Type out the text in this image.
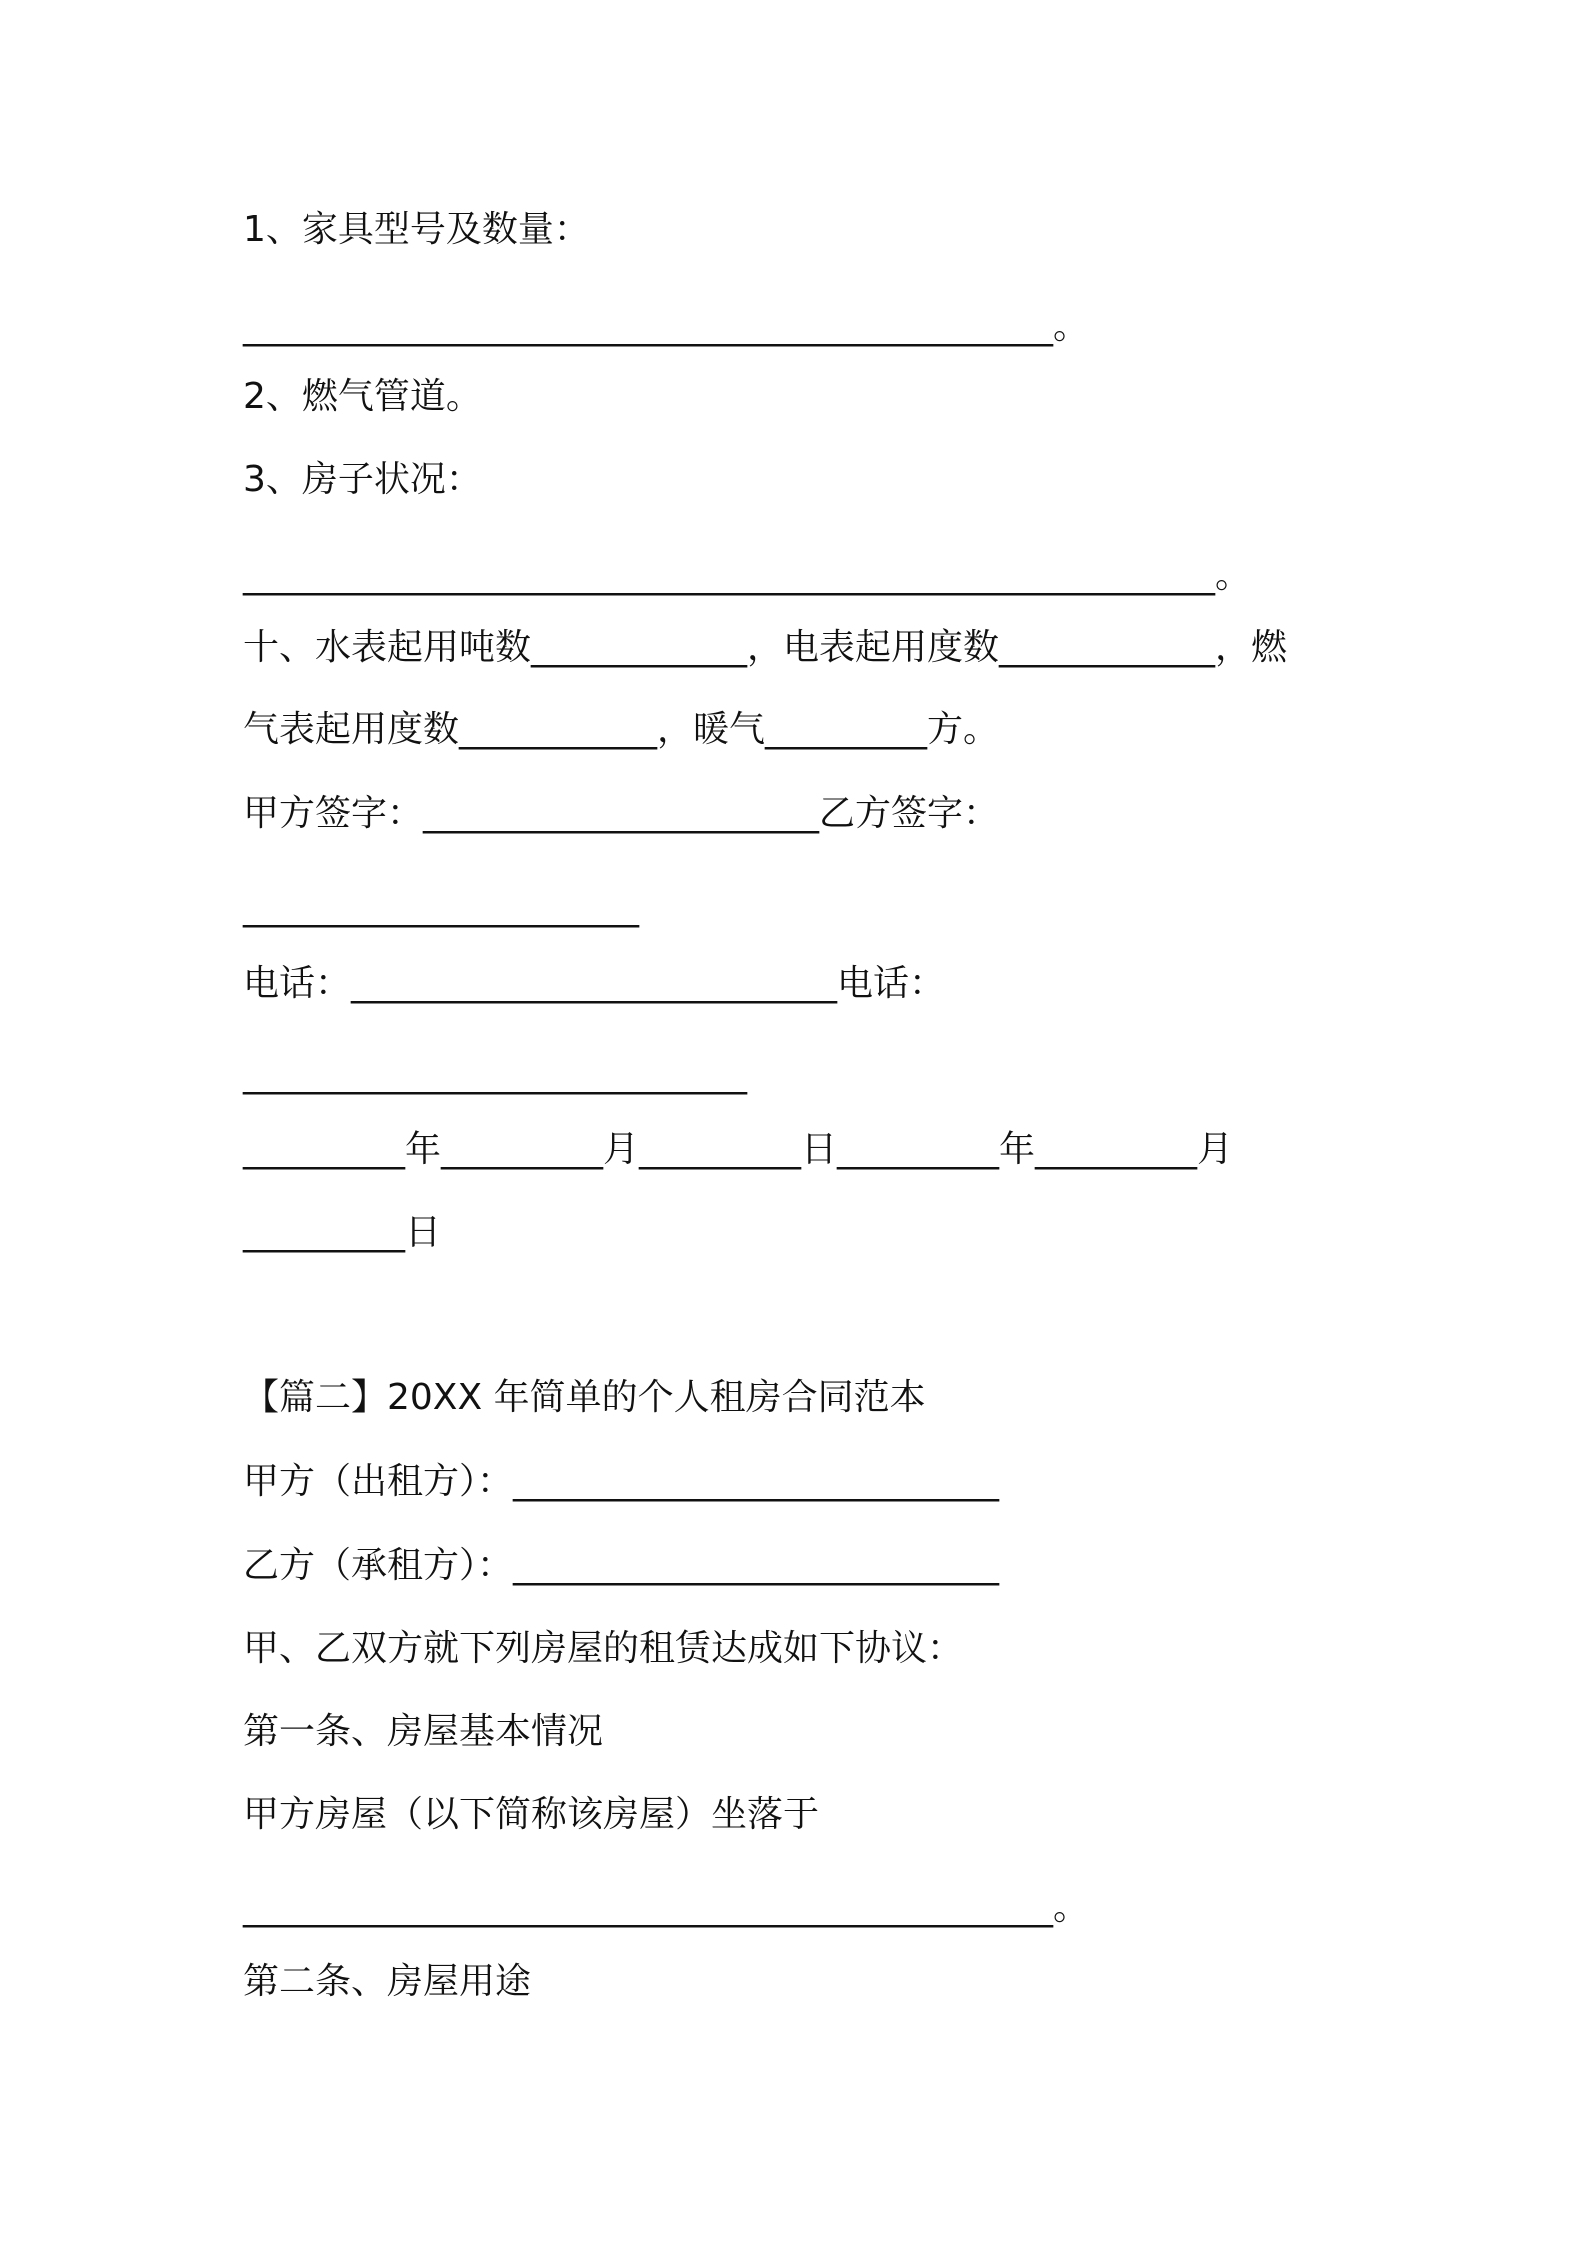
1、家具型号及数量：
_____________________________________________。
2、燃气管道。
3、房子状况：
______________________________________________________。
十、水表起用吨数____________，电表起用度数____________，燃
气表起用度数___________，暖气_________方。
甲方签字：______________________乙方签字：
______________________
电话：___________________________电话：
____________________________
_________年_________月_________日_________年_________月
_________日
【篇二】20XX 年简单的个人租房合同范本
甲方（出租方）：___________________________
乙方（承租方）：___________________________
甲、乙双方就下列房屋的租赁达成如下协议：
第一条、房屋基本情况
甲方房屋（以下简称该房屋）坐落于
_____________________________________________。
第二条、房屋用途
